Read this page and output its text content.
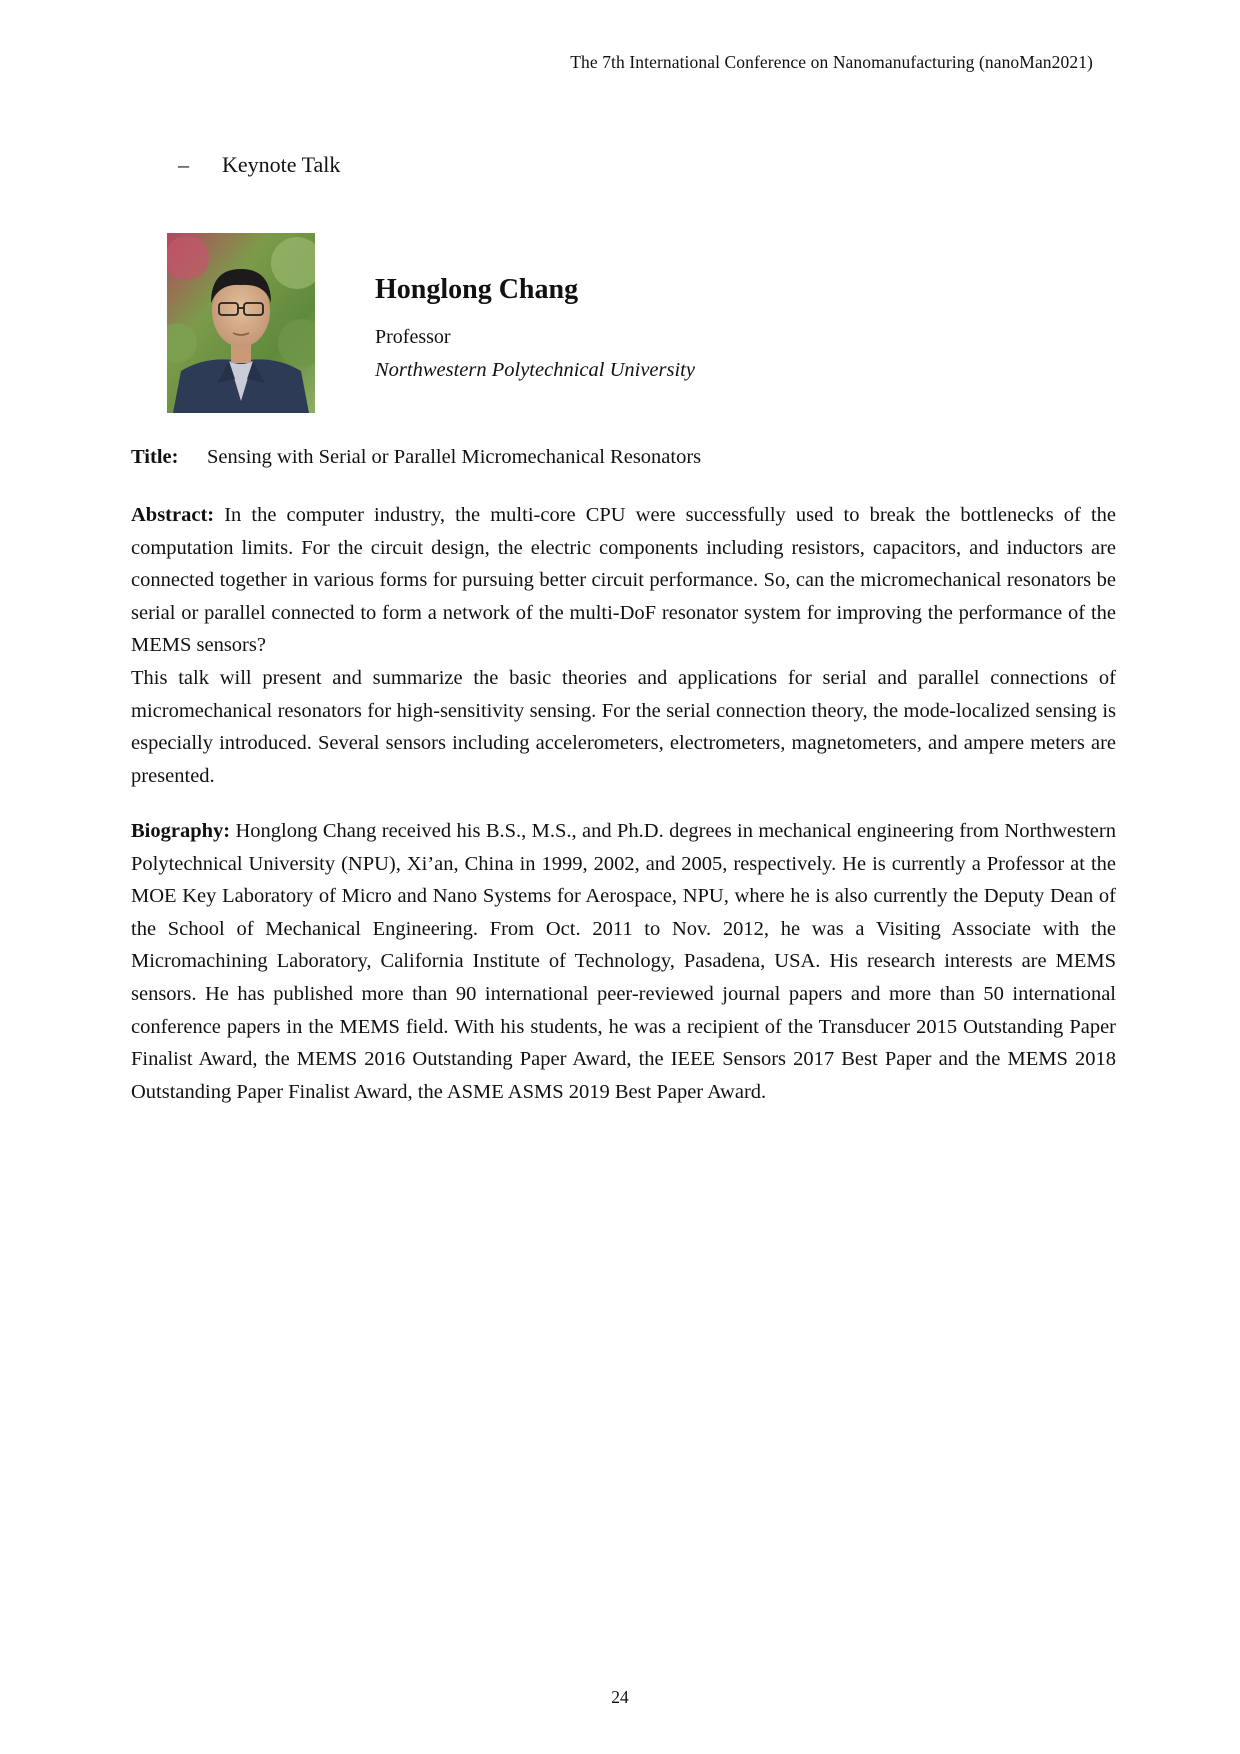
The 7th International Conference on Nanomanufacturing (nanoMan2021)
–	Keynote Talk
Honglong Chang
Professor
Northwestern Polytechnical University
Title:	Sensing with Serial or Parallel Micromechanical Resonators

Abstract: In the computer industry, the multi-core CPU were successfully used to break the bottlenecks of the computation limits. For the circuit design, the electric components including resistors, capacitors, and inductors are connected together in various forms for pursuing better circuit performance. So, can the micromechanical resonators be serial or parallel connected to form a network of the multi-DoF resonator system for improving the performance of the MEMS sensors?

This talk will present and summarize the basic theories and applications for serial and parallel connections of micromechanical resonators for high-sensitivity sensing. For the serial connection theory, the mode-localized sensing is especially introduced. Several sensors including accelerometers, electrometers, magnetometers, and ampere meters are presented.

Biography: Honglong Chang received his B.S., M.S., and Ph.D. degrees in mechanical engineering from Northwestern Polytechnical University (NPU), Xi’an, China in 1999, 2002, and 2005, respectively. He is currently a Professor at the MOE Key Laboratory of Micro and Nano Systems for Aerospace, NPU, where he is also currently the Deputy Dean of the School of Mechanical Engineering. From Oct. 2011 to Nov. 2012, he was a Visiting Associate with the Micromachining Laboratory, California Institute of Technology, Pasadena, USA. His research interests are MEMS sensors. He has published more than 90 international peer-reviewed journal papers and more than 50 international conference papers in the MEMS field. With his students, he was a recipient of the Transducer 2015 Outstanding Paper Finalist Award, the MEMS 2016 Outstanding Paper Award, the IEEE Sensors 2017 Best Paper and the MEMS 2018 Outstanding Paper Finalist Award, the ASME ASMS 2019 Best Paper Award.

24
